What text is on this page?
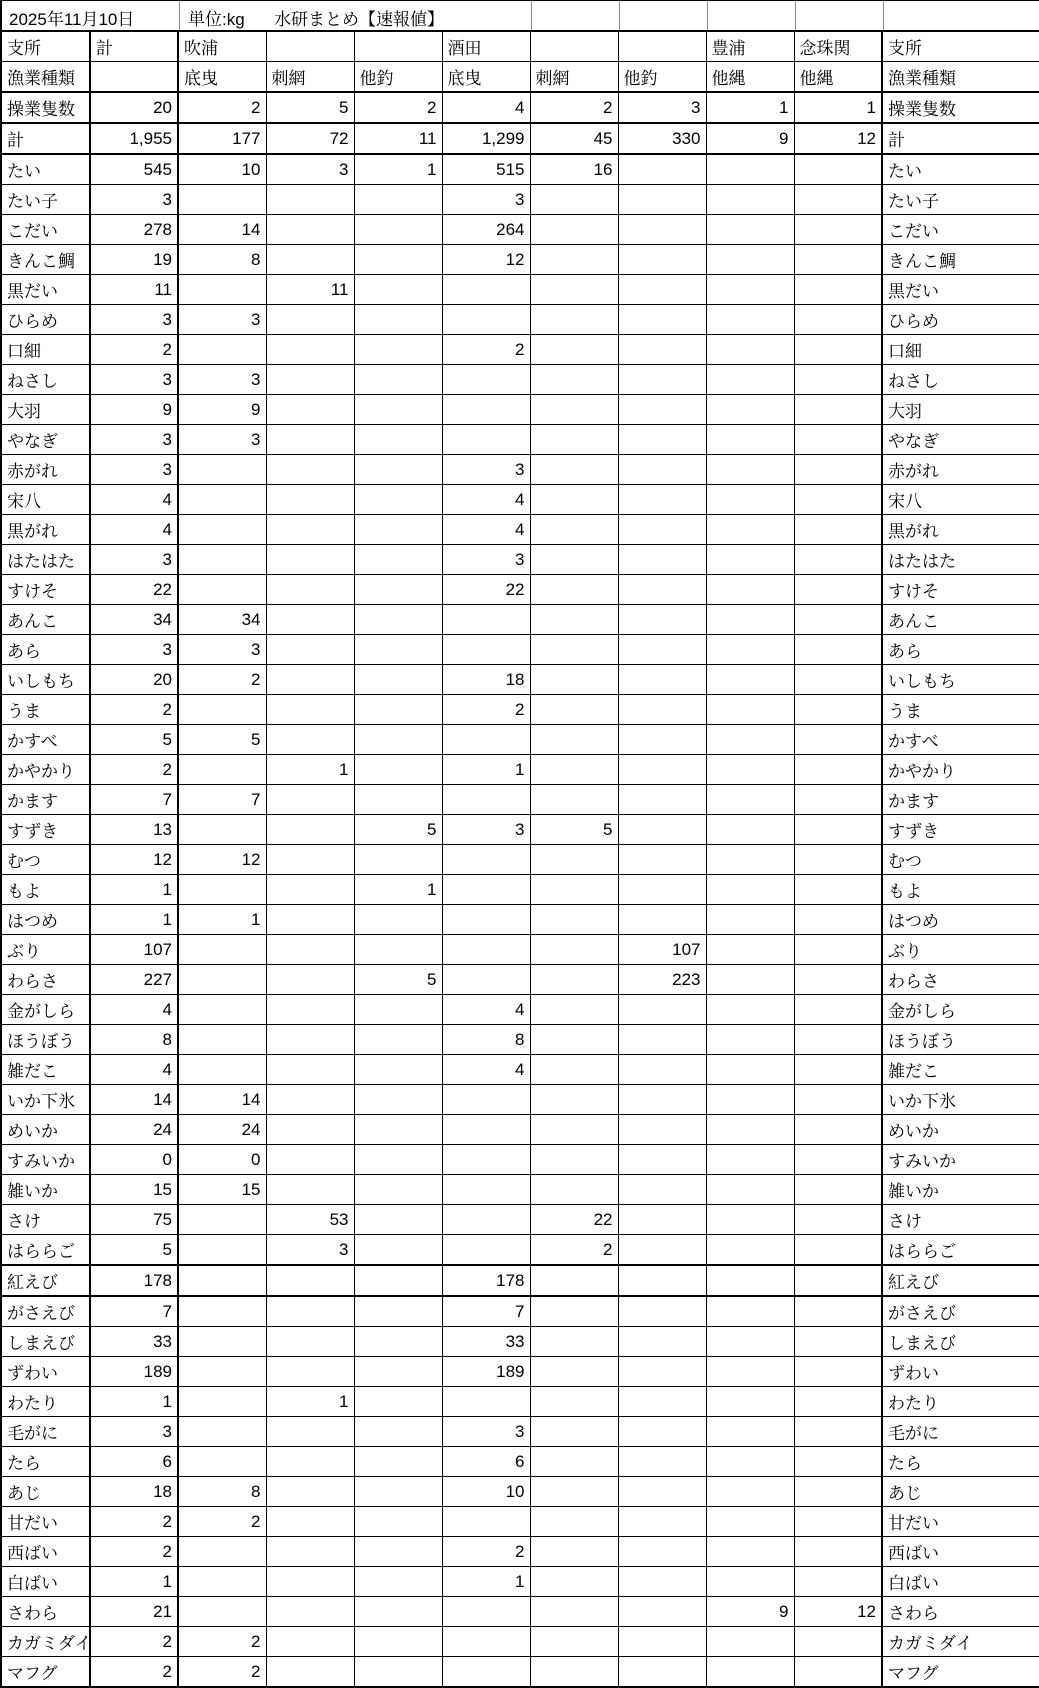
2025年11月10日	単位:kg 水研まとめ【速報値】
支所	計	吹浦			酒田			豊浦	念珠関	支所
漁業種類		底曳	刺網	他釣	底曳	刺網	他釣	他縄	他縄	漁業種類
操業隻数	20	2	5	2	4	2	3	1	1	操業隻数
計	1,955	177	72	11	1,299	45	330	9	12	計
たい	545	10	3	1	515	16				たい
たい子	3				3					たい子
こだい	278	14			264					こだい
きんこ鯛	19	8			12					きんこ鯛
黒だい	11		11							黒だい
ひらめ	3	3								ひらめ
口細	2				2					口細
ねさし	3	3								ねさし
大羽	9	9								大羽
やなぎ	3	3								やなぎ
赤がれ	3				3					赤がれ
宋八	4				4					宋八
黒がれ	4				4					黒がれ
はたはた	3				3					はたはた
すけそ	22				22					すけそ
あんこ	34	34								あんこ
あら	3	3								あら
いしもち	20	2			18					いしもち
うま	2				2					うま
かすべ	5	5								かすべ
かやかり	2		1		1					かやかり
かます	7	7								かます
すずき	13			5	3	5				すずき
むつ	12	12								むつ
もよ	1			1						もよ
はつめ	1	1								はつめ
ぶり	107						107			ぶり
わらさ	227			5			223			わらさ
金がしら	4				4					金がしら
ほうぼう	8				8					ほうぼう
雑だこ	4				4					雑だこ
いか下氷	14	14								いか下氷
めいか	24	24								めいか
すみいか	0	0								すみいか
雑いか	15	15								雑いか
さけ	75		53			22				さけ
はららご	5		3			2				はららご
紅えび	178				178					紅えび
がさえび	7				7					がさえび
しまえび	33				33					しまえび
ずわい	189				189					ずわい
わたり	1		1							わたり
毛がに	3				3					毛がに
たら	6				6					たら
あじ	18	8			10					あじ
甘だい	2	2								甘だい
西ばい	2				2					西ばい
白ばい	1				1					白ばい
さわら	21							9	12	さわら
カガミダイ	2	2								カガミダイ
マフグ	2	2								マフグ
